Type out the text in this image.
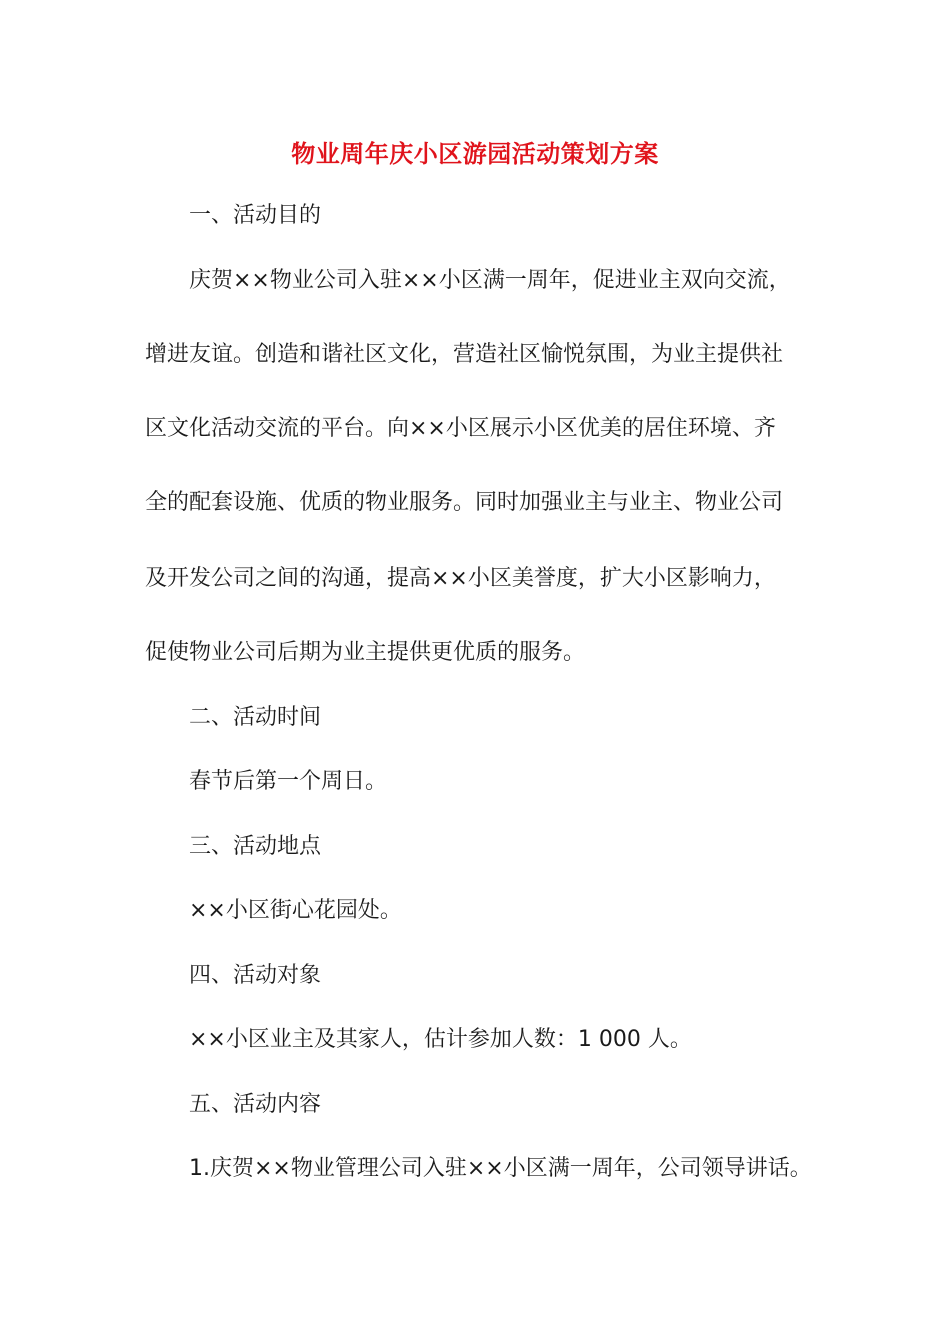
物业周年庆小区游园活动策划方案
一、活动目的
庆贺××物业公司入驻××小区满一周年，促进业主双向交流，
增进友谊。创造和谐社区文化，营造社区愉悦氛围，为业主提供社
区文化活动交流的平台。向××小区展示小区优美的居住环境、齐
全的配套设施、优质的物业服务。同时加强业主与业主、物业公司
及开发公司之间的沟通，提高××小区美誉度，扩大小区影响力，
促使物业公司后期为业主提供更优质的服务。
二、活动时间
春节后第一个周日。
三、活动地点
××小区街心花园处。
四、活动对象
××小区业主及其家人，估计参加人数：1 000 人。
五、活动内容
1.庆贺××物业管理公司入驻××小区满一周年，公司领导讲话。
